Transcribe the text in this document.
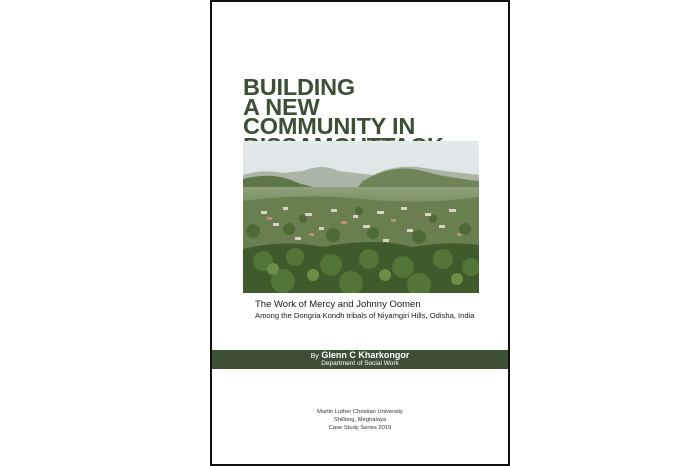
BUILDING
A NEW
COMMUNITY IN
The Work of Mercy and Johnny Oomen
Among the Dongria Kondh tribals of Niyamgiri Hills, Odisha, India
By Glenn C Kharkongor
Department of Social Work
Martin Luther Christian University
Shillong, Meghalaya
Case Study Series 2019
